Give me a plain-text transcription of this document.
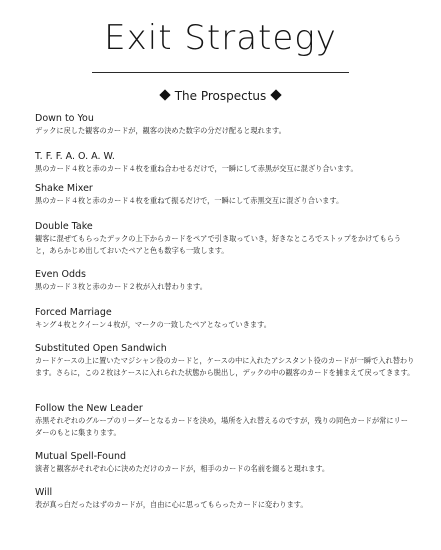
Exit Strategy
The Prospectus
Down to You
デックに戻した観客のカードが，観客の決めた数字の分だけ配ると現れます。
T. F. F. A. O. A. W.
黒のカード４枚と赤のカード４枚を重ね合わせるだけで，一瞬にして赤黒が交互に混ざり合います。
Shake Mixer
黒のカード４枚と赤のカード４枚を重ねて振るだけで，一瞬にして赤黒交互に混ざり合います。
Double Take
観客に混ぜてもらったデックの上下からカードをペアで引き取っていき，好きなところでストップをかけてもらうと，あらかじめ出しておいたペアと色も数字も一致します。
Even Odds
黒のカード３枚と赤のカード２枚が入れ替わります。
Forced Marriage
キング４枚とクイーン４枚が，マークの一致したペアとなっていきます。
Substituted Open Sandwich
カードケースの上に置いたマジシャン役のカードと，ケースの中に入れたアシスタント役のカードが一瞬で入れ替わります。さらに，この２枚はケースに入れられた状態から脱出し，デックの中の観客のカードを捕まえて戻ってきます。
Follow the New Leader
赤黒それぞれのグループのリーダーとなるカードを決め，場所を入れ替えるのですが，残りの同色カードが常にリーダーのもとに集まります。
Mutual Spell-Found
演者と観客がそれぞれ心に決めただけのカードが，相手のカードの名前を綴ると現れます。
Will
表が真っ白だったはずのカードが，自由に心に思ってもらったカードに変わります。
